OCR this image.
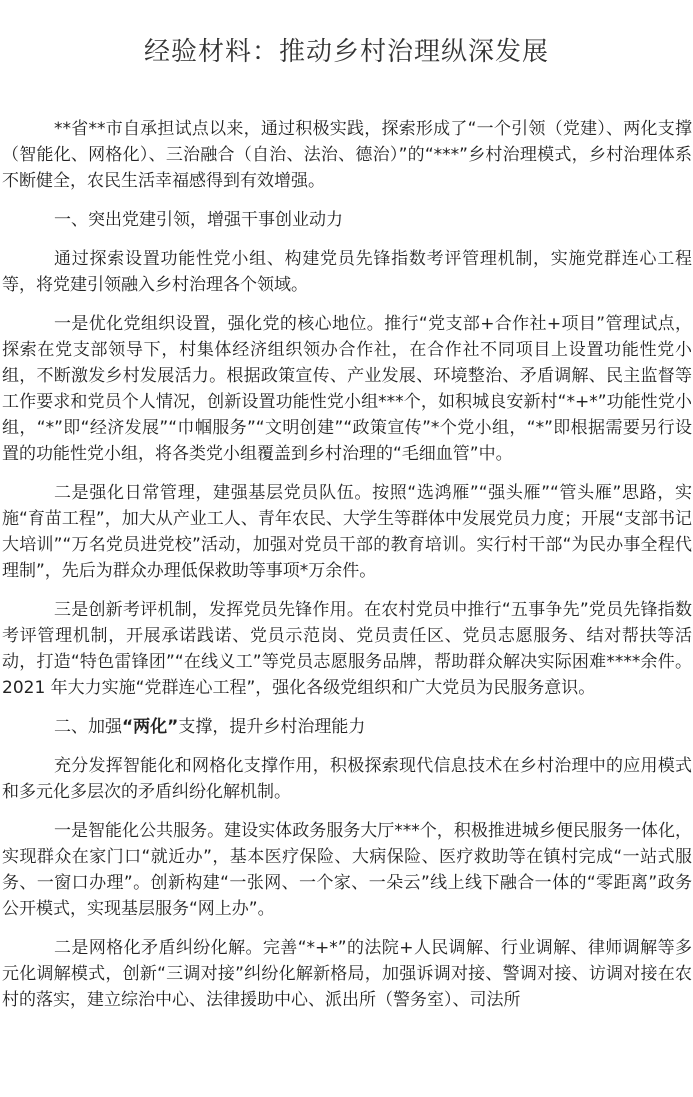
经验材料：推动乡村治理纵深发展

**省**市自承担试点以来，通过积极实践，探索形成了“一个引领（党建）、两化支撑（智能化、网格化）、三治融合（自治、法治、德治）”的“***”乡村治理模式，乡村治理体系不断健全，农民生活幸福感得到有效增强。

一、突出党建引领，增强干事创业动力

通过探索设置功能性党小组、构建党员先锋指数考评管理机制，实施党群连心工程等，将党建引领融入乡村治理各个领域。

一是优化党组织设置，强化党的核心地位。推行“党支部+合作社+项目”管理试点，探索在党支部领导下，村集体经济组织领办合作社，在合作社不同项目上设置功能性党小组，不断激发乡村发展活力。根据政策宣传、产业发展、环境整治、矛盾调解、民主监督等工作要求和党员个人情况，创新设置功能性党小组***个，如积城良安新村“*+*”功能性党小组，“*”即“经济发展”“巾帼服务”“文明创建”“政策宣传”*个党小组，“*”即根据需要另行设置的功能性党小组，将各类党小组覆盖到乡村治理的“毛细血管”中。

二是强化日常管理，建强基层党员队伍。按照“选鸿雁”“强头雁”“管头雁”思路，实施“育苗工程”，加大从产业工人、青年农民、大学生等群体中发展党员力度；开展“支部书记大培训”“万名党员进党校”活动，加强对党员干部的教育培训。实行村干部“为民办事全程代理制”，先后为群众办理低保救助等事项*万余件。

三是创新考评机制，发挥党员先锋作用。在农村党员中推行“五事争先”党员先锋指数考评管理机制，开展承诺践诺、党员示范岗、党员责任区、党员志愿服务、结对帮扶等活动，打造“特色雷锋团”“在线义工”等党员志愿服务品牌，帮助群众解决实际困难****余件。2021 年大力实施“党群连心工程”，强化各级党组织和广大党员为民服务意识。

二、加强“两化”支撑，提升乡村治理能力

充分发挥智能化和网格化支撑作用，积极探索现代信息技术在乡村治理中的应用模式和多元化多层次的矛盾纠纷化解机制。

一是智能化公共服务。建设实体政务服务大厅***个，积极推进城乡便民服务一体化，实现群众在家门口“就近办”，基本医疗保险、大病保险、医疗救助等在镇村完成“一站式服务、一窗口办理”。创新构建“一张网、一个家、一朵云”线上线下融合一体的“零距离”政务公开模式，实现基层服务“网上办”。

二是网格化矛盾纠纷化解。完善“*+*”的法院+人民调解、行业调解、律师调解等多元化调解模式，创新“三调对接”纠纷化解新格局，加强诉调对接、警调对接、访调对接在农村的落实，建立综治中心、法律援助中心、派出所（警务室）、司法所
